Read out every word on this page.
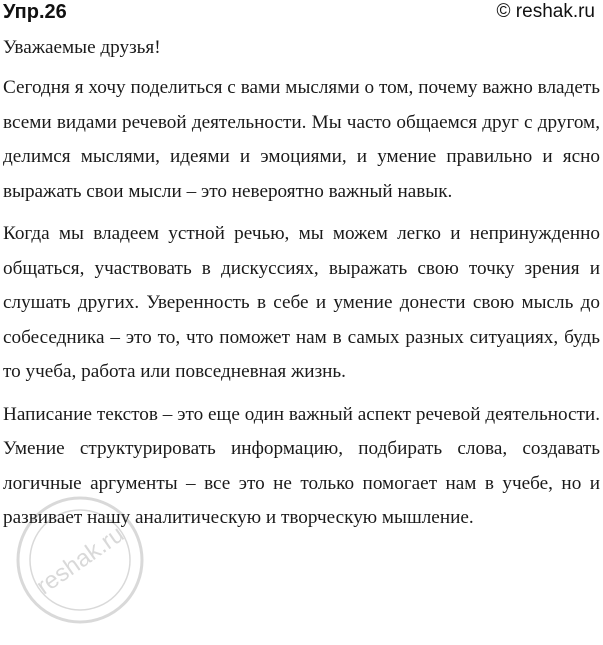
Упр.26	© reshak.ru

Уважаемые друзья!

Сегодня я хочу поделиться с вами мыслями о том, почему важно владеть всеми видами речевой деятельности. Мы часто общаемся друг с другом, делимся мыслями, идеями и эмоциями, и умение правильно и ясно выражать свои мысли – это невероятно важный навык.

Когда мы владеем устной речью, мы можем легко и непринужденно общаться, участвовать в дискуссиях, выражать свою точку зрения и слушать других. Уверенность в себе и умение донести свою мысль до собеседника – это то, что поможет нам в самых разных ситуациях, будь то учеба, работа или повседневная жизнь.

Написание текстов – это еще один важный аспект речевой деятельности. Умение структурировать информацию, подбирать слова, создавать логичные аргументы – все это не только помогает нам в учебе, но и развивает нашу аналитическую и творческую мышление.

reshak.ru
